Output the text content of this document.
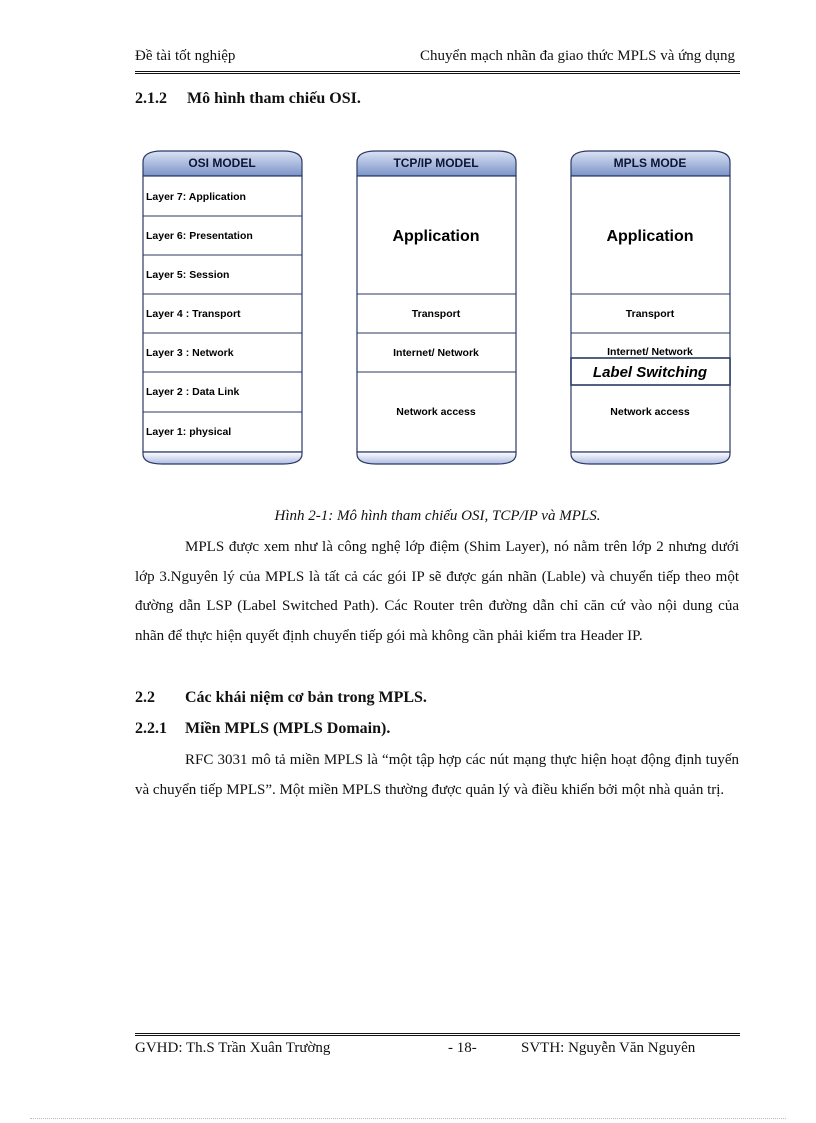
Đề tài tốt nghiệp	Chuyển mạch nhãn đa giao thức MPLS và ứng dụng
2.1.2 Mô hình tham chiếu OSI.
OSI MODEL
Layer 7: Application
Layer 6: Presentation
Layer 5: Session
Layer 4 : Transport
Layer 3 : Network
Layer 2 : Data Link
Layer 1: physical
TCP/IP MODEL
Application
Transport
Internet/ Network
Network access
MPLS MODE
Application
Transport
Internet/ Network
Label Switching
Network access
Hình 2-1: Mô hình tham chiếu OSI, TCP/IP và MPLS.
MPLS được xem như là công nghệ lớp điệm (Shim Layer), nó nằm trên lớp 2 nhưng dưới lớp 3.Nguyên lý của MPLS là tất cả các gói IP sẽ được gán nhãn (Lable) và chuyển tiếp theo một đường dẫn LSP (Label Switched Path). Các Router trên đường dẫn chỉ căn cứ vào nội dung của nhãn để thực hiện quyết định chuyển tiếp gói mà không cần phải kiểm tra Header IP.
2.2 Các khái niệm cơ bản trong MPLS.
2.2.1 Miền MPLS (MPLS Domain).
RFC 3031 mô tả miền MPLS là “một tập hợp các nút mạng thực hiện hoạt động định tuyến và chuyển tiếp MPLS”. Một miền MPLS thường được quản lý và điều khiển bởi một nhà quản trị.
GVHD: Th.S Trần Xuân Trường	- 18-	SVTH: Nguyễn Văn Nguyên
